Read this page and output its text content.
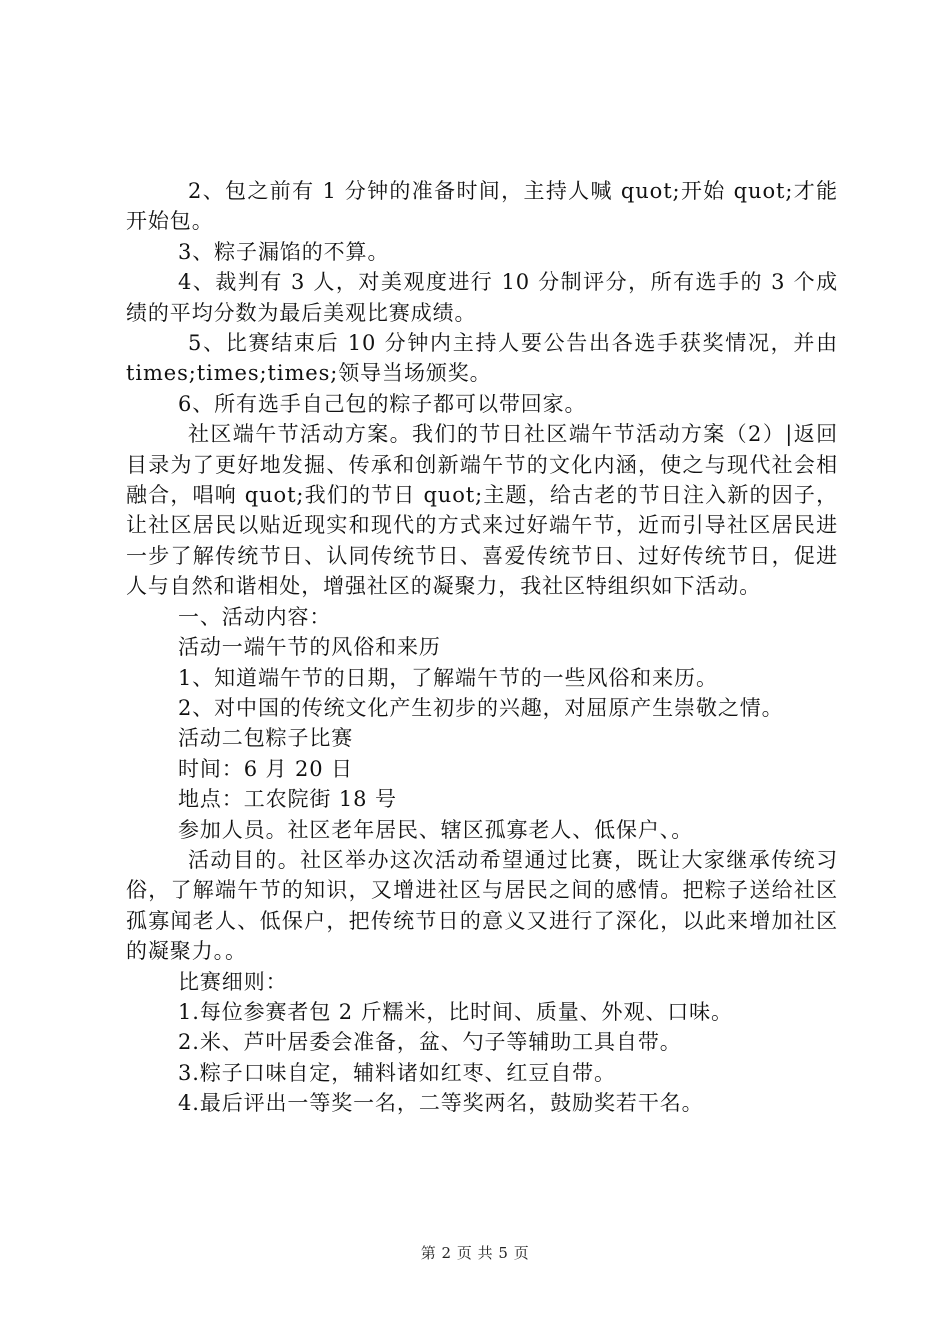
2、包之前有 1 分钟的准备时间，主持人喊 quot;开始 quot;才能开始包。

3、粽子漏馅的不算。

4、裁判有 3 人，对美观度进行 10 分制评分，所有选手的 3 个成绩的平均分数为最后美观比赛成绩。

5、比赛结束后 10 分钟内主持人要公告出各选手获奖情况，并由 times;times;times;领导当场颁奖。

6、所有选手自己包的粽子都可以带回家。

社区端午节活动方案。我们的节日社区端午节活动方案（2）|返回目录为了更好地发掘、传承和创新端午节的文化内涵，使之与现代社会相融合，唱响 quot;我们的节日 quot;主题，给古老的节日注入新的因子，让社区居民以贴近现实和现代的方式来过好端午节，近而引导社区居民进一步了解传统节日、认同传统节日、喜爱传统节日、过好传统节日，促进人与自然和谐相处，增强社区的凝聚力，我社区特组织如下活动。

一、活动内容：

活动一端午节的风俗和来历

1、知道端午节的日期，了解端午节的一些风俗和来历。

2、对中国的传统文化产生初步的兴趣，对屈原产生崇敬之情。

活动二包粽子比赛

时间：6 月 20 日

地点：工农院街 18 号

参加人员。社区老年居民、辖区孤寡老人、低保户、。

活动目的。社区举办这次活动希望通过比赛，既让大家继承传统习俗，了解端午节的知识，又增进社区与居民之间的感情。把粽子送给社区孤寡闻老人、低保户，把传统节日的意义又进行了深化，以此来增加社区的凝聚力。。

比赛细则：

1.每位参赛者包 2 斤糯米，比时间、质量、外观、口味。

2.米、芦叶居委会准备，盆、勺子等辅助工具自带。

3.粽子口味自定，辅料诸如红枣、红豆自带。

4.最后评出一等奖一名，二等奖两名，鼓励奖若干名。

第 2 页 共 5 页
